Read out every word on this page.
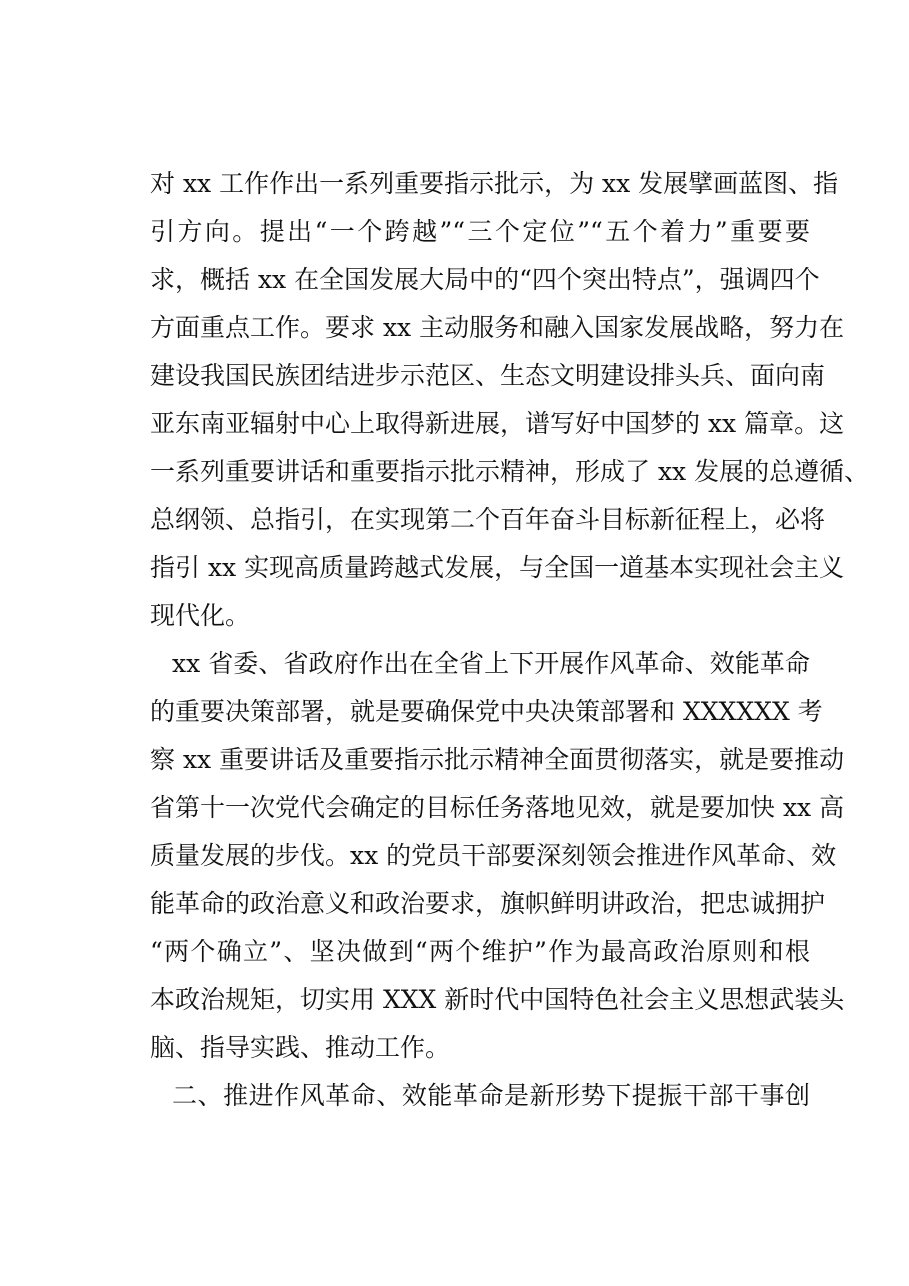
对 xx 工作作出一系列重要指示批示，为 xx 发展擘画蓝图、指
引方向。提出“一个跨越”“三个定位”“五个着力”重要要
求，概括 xx 在全国发展大局中的“四个突出特点”，强调四个
方面重点工作。要求 xx 主动服务和融入国家发展战略，努力在
建设我国民族团结进步示范区、生态文明建设排头兵、面向南
亚东南亚辐射中心上取得新进展，谱写好中国梦的 xx 篇章。这
一系列重要讲话和重要指示批示精神，形成了 xx 发展的总遵循、
总纲领、总指引，在实现第二个百年奋斗目标新征程上，必将
指引 xx 实现高质量跨越式发展，与全国一道基本实现社会主义
现代化。
xx 省委、省政府作出在全省上下开展作风革命、效能革命
的重要决策部署，就是要确保党中央决策部署和 XXXXXX 考
察 xx 重要讲话及重要指示批示精神全面贯彻落实，就是要推动
省第十一次党代会确定的目标任务落地见效，就是要加快 xx 高
质量发展的步伐。xx 的党员干部要深刻领会推进作风革命、效
能革命的政治意义和政治要求，旗帜鲜明讲政治，把忠诚拥护
“两个确立”、坚决做到“两个维护”作为最高政治原则和根
本政治规矩，切实用 XXX 新时代中国特色社会主义思想武装头
脑、指导实践、推动工作。
二、推进作风革命、效能革命是新形势下提振干部干事创
